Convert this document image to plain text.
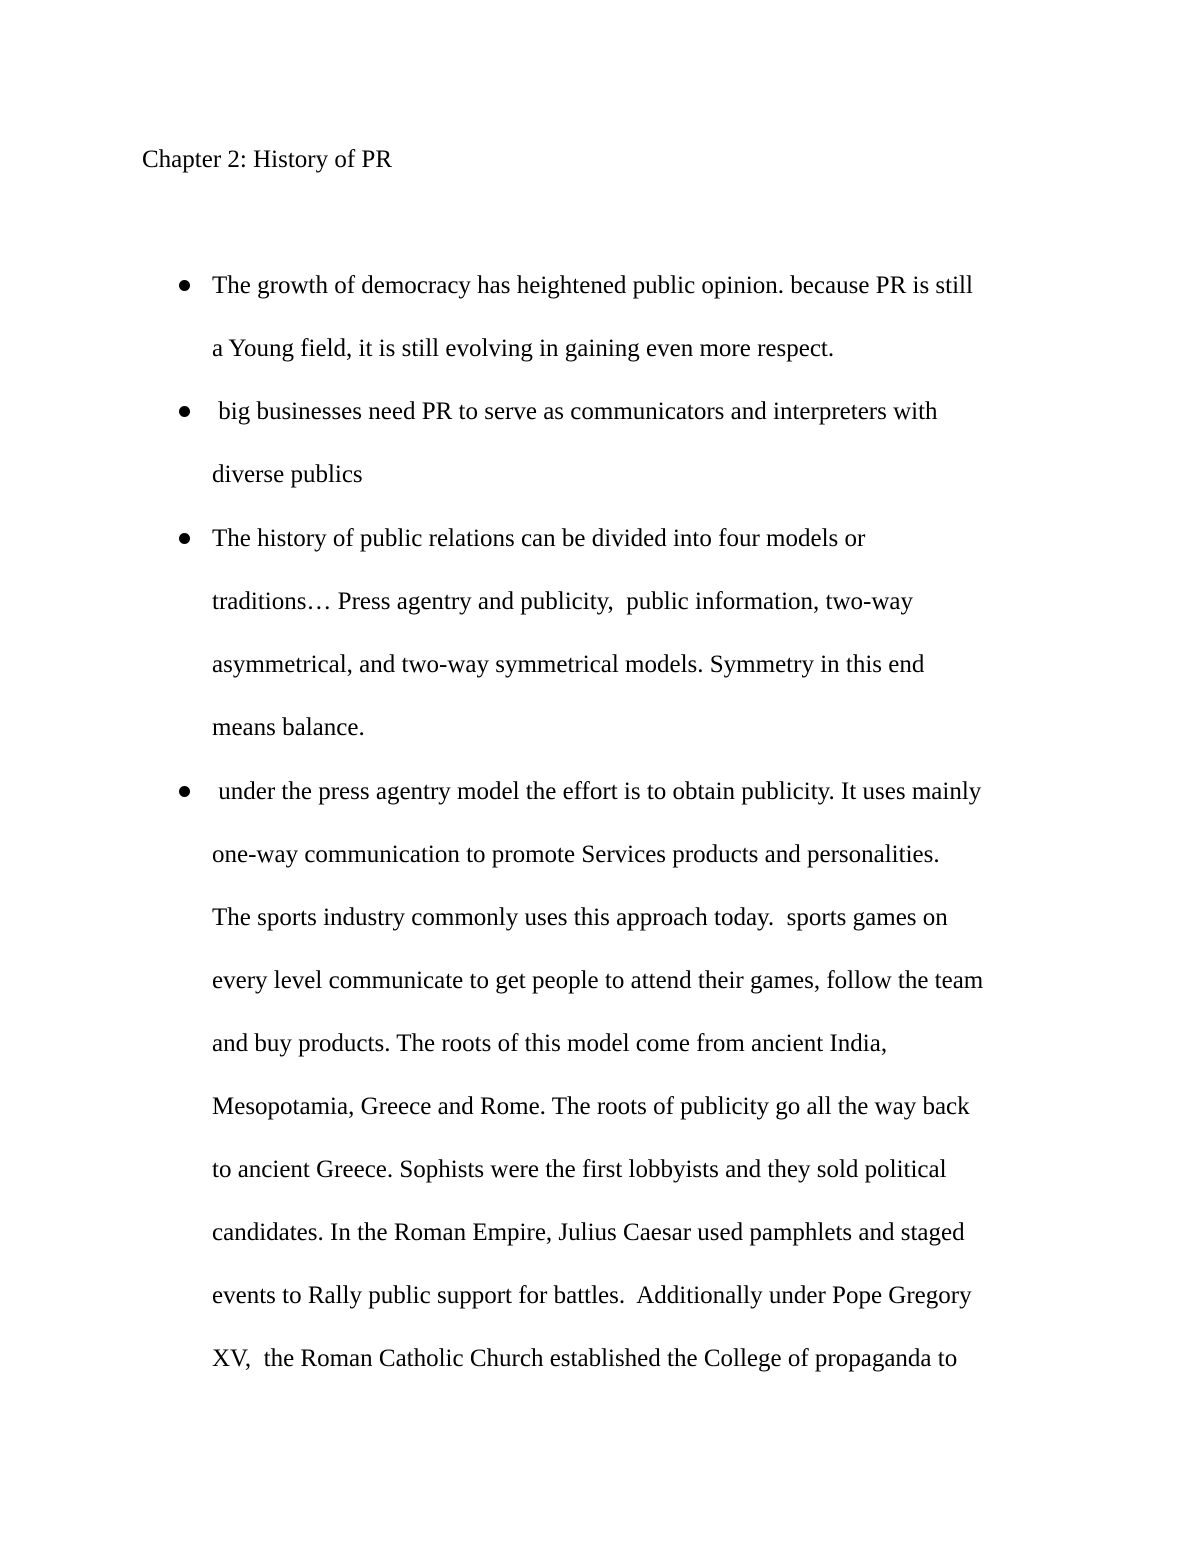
Chapter 2: History of PR
The growth of democracy has heightened public opinion. because PR is still
a Young field, it is still evolving in gaining even more respect.
big businesses need PR to serve as communicators and interpreters with
diverse publics
The history of public relations can be divided into four models or
traditions… Press agentry and publicity,  public information, two-way
asymmetrical, and two-way symmetrical models. Symmetry in this end
means balance.
under the press agentry model the effort is to obtain publicity. It uses mainly
one-way communication to promote Services products and personalities.
The sports industry commonly uses this approach today.  sports games on
every level communicate to get people to attend their games, follow the team
and buy products. The roots of this model come from ancient India,
Mesopotamia, Greece and Rome. The roots of publicity go all the way back
to ancient Greece. Sophists were the first lobbyists and they sold political
candidates. In the Roman Empire, Julius Caesar used pamphlets and staged
events to Rally public support for battles.  Additionally under Pope Gregory
XV,  the Roman Catholic Church established the College of propaganda to
